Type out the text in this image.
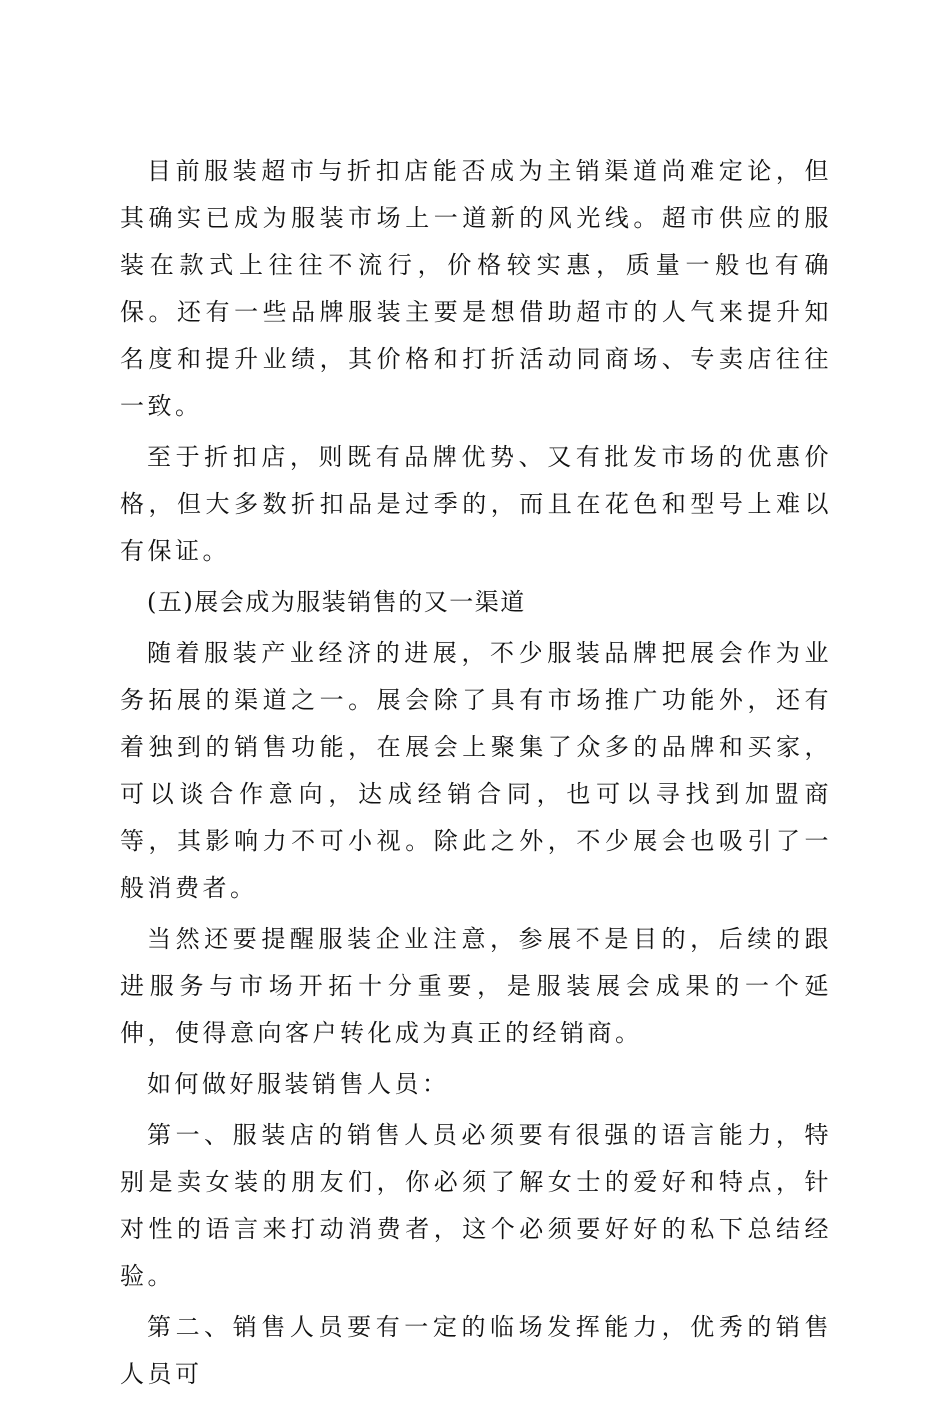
目前服装超市与折扣店能否成为主销渠道尚难定论，但其确实已成为服装市场上一道新的风光线。超市供应的服装在款式上往往不流行，价格较实惠，质量一般也有确保。还有一些品牌服装主要是想借助超市的人气来提升知名度和提升业绩，其价格和打折活动同商场、专卖店往往一致。

至于折扣店，则既有品牌优势、又有批发市场的优惠价格，但大多数折扣品是过季的，而且在花色和型号上难以有保证。

(五)展会成为服装销售的又一渠道

随着服装产业经济的进展，不少服装品牌把展会作为业务拓展的渠道之一。展会除了具有市场推广功能外，还有着独到的销售功能，在展会上聚集了众多的品牌和买家，可以谈合作意向，达成经销合同，也可以寻找到加盟商等，其影响力不可小视。除此之外，不少展会也吸引了一般消费者。

当然还要提醒服装企业注意，参展不是目的，后续的跟进服务与市场开拓十分重要，是服装展会成果的一个延伸，使得意向客户转化成为真正的经销商。

如何做好服装销售人员：

第一、服装店的销售人员必须要有很强的语言能力，特别是卖女装的朋友们，你必须了解女士的爱好和特点，针对性的语言来打动消费者，这个必须要好好的私下总结经验。

第二、销售人员要有一定的临场发挥能力，优秀的销售人员可
